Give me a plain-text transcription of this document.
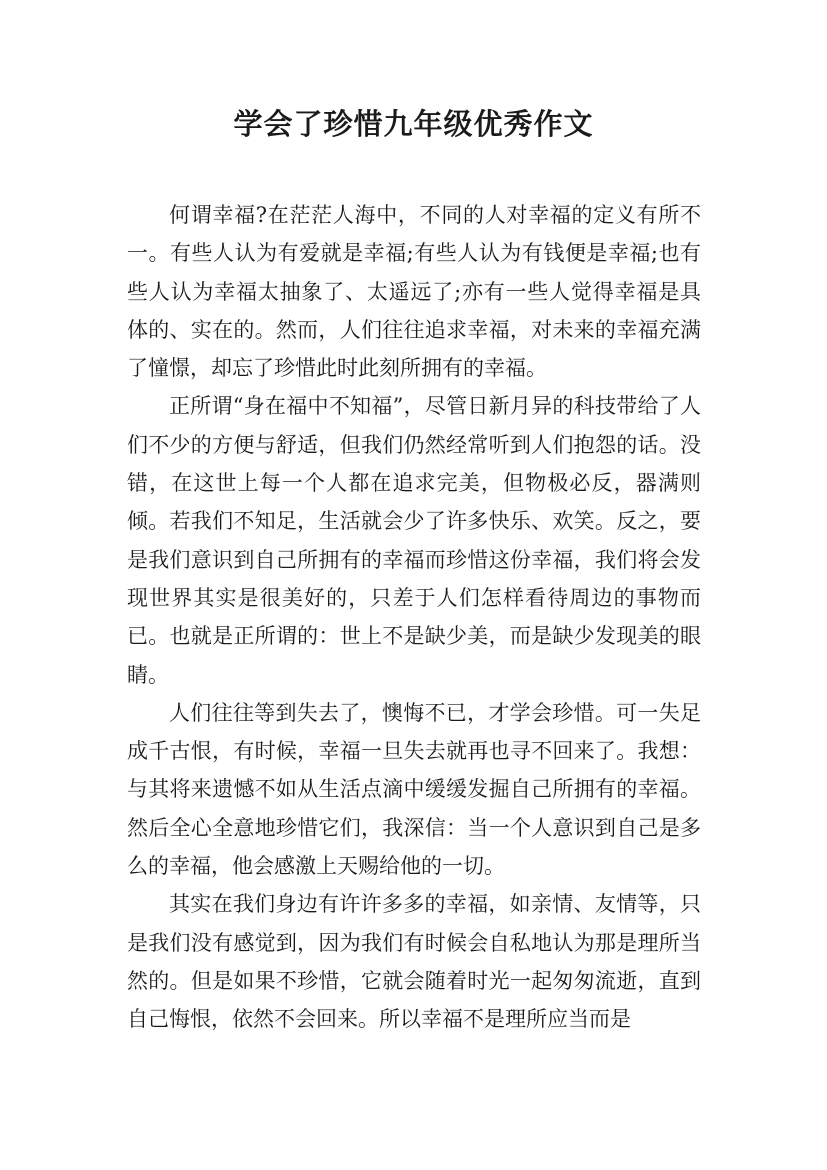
学会了珍惜九年级优秀作文

何谓幸福?在茫茫人海中，不同的人对幸福的定义有所不一。有些人认为有爱就是幸福;有些人认为有钱便是幸福;也有些人认为幸福太抽象了、太遥远了;亦有一些人觉得幸福是具体的、实在的。然而，人们往往追求幸福，对未来的幸福充满了憧憬，却忘了珍惜此时此刻所拥有的幸福。

正所谓“身在福中不知福”，尽管日新月异的科技带给了人们不少的方便与舒适，但我们仍然经常听到人们抱怨的话。没错，在这世上每一个人都在追求完美，但物极必反，器满则倾。若我们不知足，生活就会少了许多快乐、欢笑。反之，要是我们意识到自己所拥有的幸福而珍惜这份幸福，我们将会发现世界其实是很美好的，只差于人们怎样看待周边的事物而已。也就是正所谓的：世上不是缺少美，而是缺少发现美的眼睛。

人们往往等到失去了，懊悔不已，才学会珍惜。可一失足成千古恨，有时候，幸福一旦失去就再也寻不回来了。我想：与其将来遗憾不如从生活点滴中缓缓发掘自己所拥有的幸福。然后全心全意地珍惜它们，我深信：当一个人意识到自己是多么的幸福，他会感激上天赐给他的一切。

其实在我们身边有许许多多的幸福，如亲情、友情等，只是我们没有感觉到，因为我们有时候会自私地认为那是理所当然的。但是如果不珍惜，它就会随着时光一起匆匆流逝，直到自己悔恨，依然不会回来。所以幸福不是理所应当而是
